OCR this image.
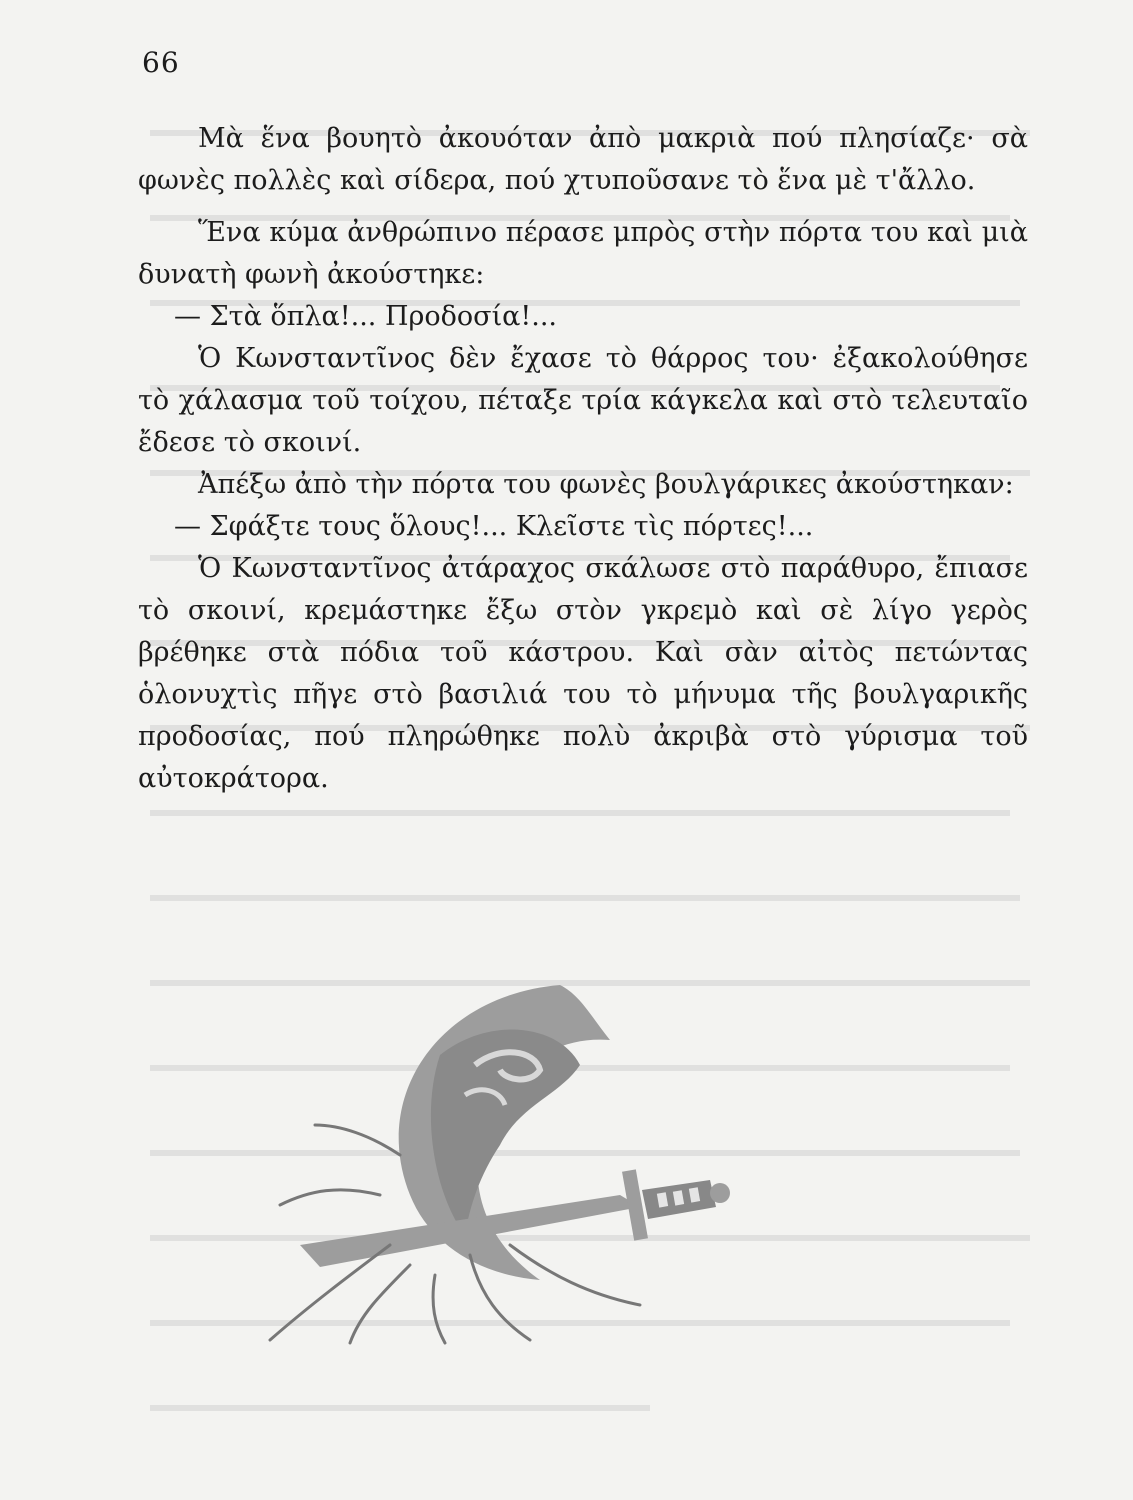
66

Μὰ ἕνα βουητὸ ἀκουόταν ἀπὸ μακριὰ πού πλησίαζε· σὰ φωνὲς πολλὲς καὶ σίδερα, πού χτυποῦσανε τὸ ἕνα μὲ τ'ἄλλο.

Ἕνα κύμα ἀνθρώπινο πέρασε μπρὸς στὴν πόρτα του καὶ μιὰ δυνατὴ φωνὴ ἀκούστηκε:

— Στὰ ὅπλα!... Προδοσία!...

Ὁ Κωνσταντῖνος δὲν ἔχασε τὸ θάρρος του· ἐξακολούθησε τὸ χάλασμα τοῦ τοίχου, πέταξε τρία κάγκελα καὶ στὸ τελευταῖο ἔδεσε τὸ σκοινί.

Ἀπέξω ἀπὸ τὴν πόρτα του φωνὲς βουλγάρικες ἀκούστηκαν:

— Σφάξτε τους ὅλους!... Κλεῖστε τὶς πόρτες!...

Ὁ Κωνσταντῖνος ἀτάραχος σκάλωσε στὸ παράθυρο, ἔπιασε τὸ σκοινί, κρεμάστηκε ἔξω στὸν γκρεμὸ καὶ σὲ λίγο γερὸς βρέθηκε στὰ πόδια τοῦ κάστρου. Καὶ σὰν αἰτὸς πετώντας ὁλονυχτὶς πῆγε στὸ βασιλιά του τὸ μήνυμα τῆς βουλγαρικῆς προδοσίας, πού πληρώθηκε πολὺ ἀκριβὰ στὸ γύρισμα τοῦ αὐτοκράτορα.
